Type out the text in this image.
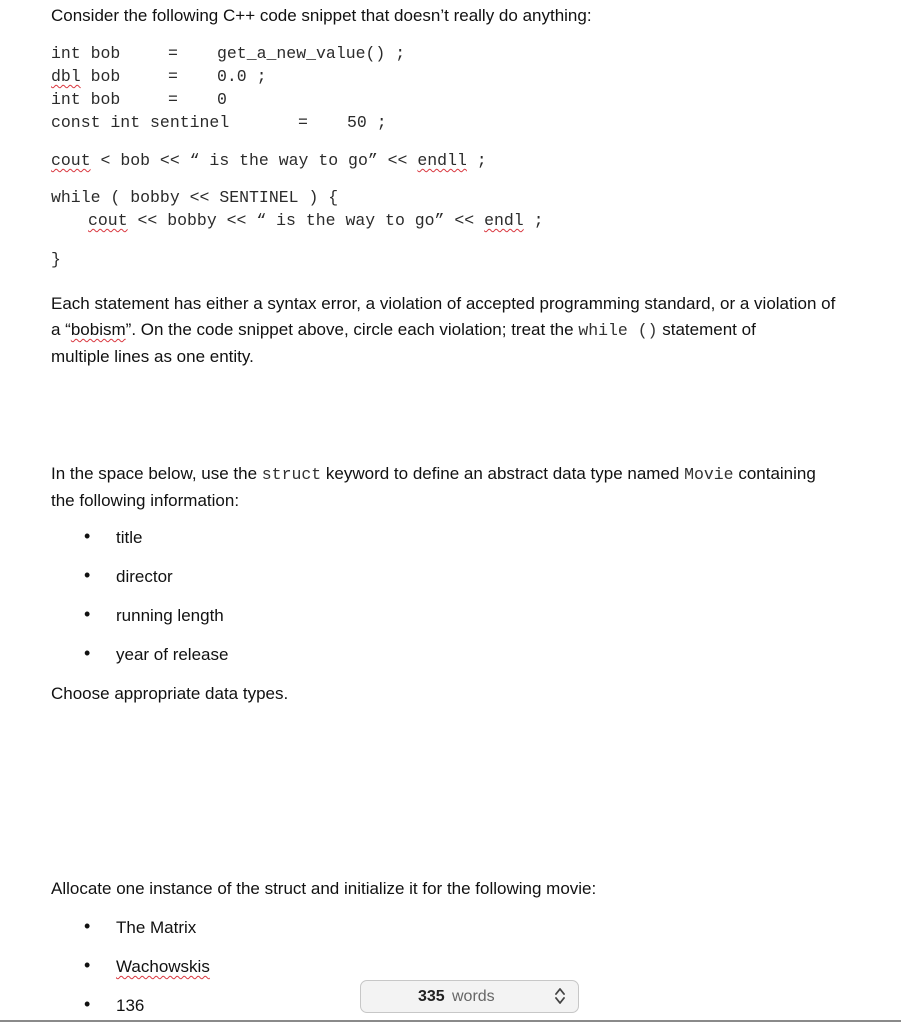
Consider the following C++ code snippet that doesn’t really do anything:
int bob	= get_a_new_value() ;
dbl bob	= 0.0 ;
int bob	= 0
const int sentinel	= 50 ;
cout < bob << “ is the way to go” << endll ;
while ( bobby << SENTINEL ) {
cout << bobby << “ is the way to go” << endl ;
}
Each statement has either a syntax error, a violation of accepted programming standard, or a violation of
a “bobism”. On the code snippet above, circle each violation; treat the while () statement of
multiple lines as one entity.
In the space below, use the struct keyword to define an abstract data type named Movie containing
the following information:
• title
• director
• running length
• year of release
Choose appropriate data types.
Allocate one instance of the struct and initialize it for the following movie:
• The Matrix
• Wachowskis
• 136	335 words
